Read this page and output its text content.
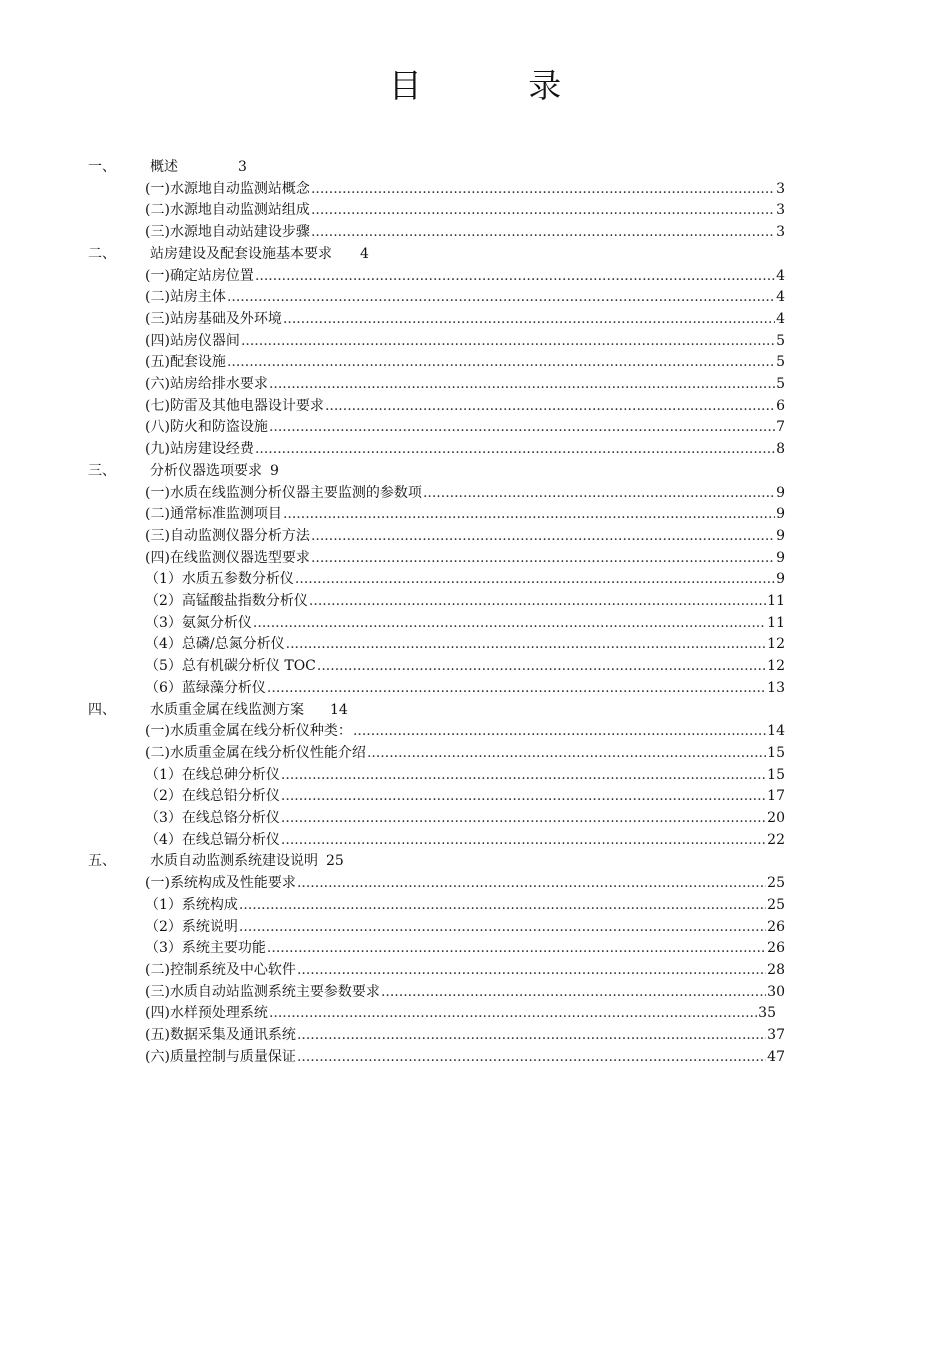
目 录
一、	概述	3
(一) 水源地自动监测站概念 .....	3
(二) 水源地自动监测站组成 .....	3
(三) 水源地自动站建设步骤 .....	3
二、	站房建设及配套设施基本要求 4
(一) 确定站房位置 .....	4
(二) 站房主体 .....	4
(三) 站房基础及外环境 .....	4
(四) 站房仪器间 .....	5
(五) 配套设施 .....	5
(六) 站房给排水要求 .....	5
(七) 防雷及其他电器设计要求 .....	6
(八) 防火和防盗设施 .....	7
(九) 站房建设经费 .....	8
三、	分析仪器选项要求 9
(一) 水质在线监测分析仪器主要监测的参数项 .....	9
(二) 通常标准监测项目 .....	9
(三) 自动监测仪器分析方法 .....	9
(四) 在线监测仪器选型要求 .....	9
（1） 水质五参数分析仪 .....	9
（2） 高锰酸盐指数分析仪 .....	11
（3） 氨氮分析仪 .....	11
（4） 总磷/总氮分析仪 .....	12
（5） 总有机碳分析仪 TOC .....	12
（6） 蓝绿藻分析仪 .....	13
四、	水质重金属在线监测方案 14
(一) 水质重金属在线分析仪种类： .....	14
(二) 水质重金属在线分析仪性能介绍 .....	15
（1） 在线总砷分析仪 .....	15
（2） 在线总铅分析仪 .....	17
（3） 在线总铬分析仪 .....	20
（4） 在线总镉分析仪 .....	22
五、	水质自动监测系统建设说明 25
(一) 系统构成及性能要求 .....	25
（1） 系统构成 .....	25
（2） 系统说明 .....	26
（3） 系统主要功能 .....	26
(二) 控制系统及中心软件 .....	28
(三) 水质自动站监测系统主要参数要求 .....	30
(四) 水样预处理系统 .....	35
(五) 数据采集及通讯系统 .....	37
(六) 质量控制与质量保证 .....	47
